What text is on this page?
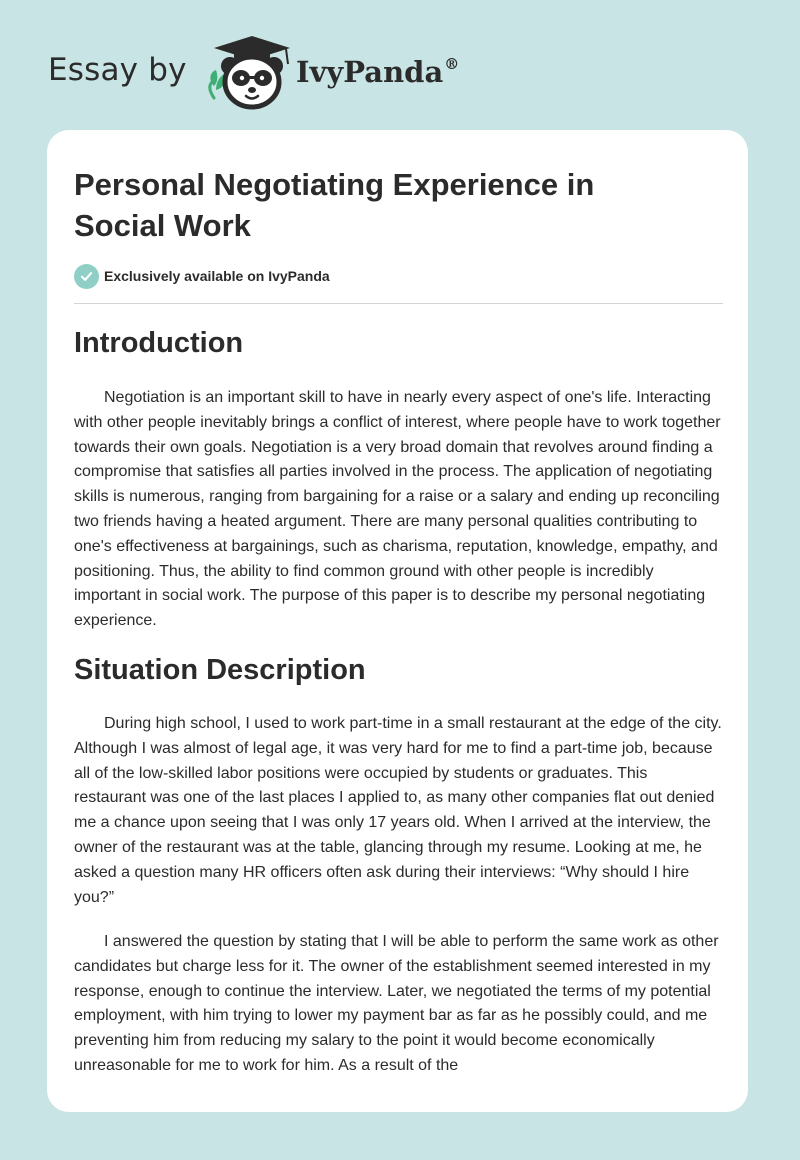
Essay by	IvyPanda®
Personal Negotiating Experience in Social Work
Exclusively available on IvyPanda
Introduction

Negotiation is an important skill to have in nearly every aspect of one's life. Interacting with other people inevitably brings a conflict of interest, where people have to work together towards their own goals. Negotiation is a very broad domain that revolves around finding a compromise that satisfies all parties involved in the process. The application of negotiating skills is numerous, ranging from bargaining for a raise or a salary and ending up reconciling two friends having a heated argument. There are many personal qualities contributing to one's effectiveness at bargainings, such as charisma, reputation, knowledge, empathy, and positioning. Thus, the ability to find common ground with other people is incredibly important in social work. The purpose of this paper is to describe my personal negotiating experience.

Situation Description

During high school, I used to work part-time in a small restaurant at the edge of the city. Although I was almost of legal age, it was very hard for me to find a part-time job, because all of the low-skilled labor positions were occupied by students or graduates. This restaurant was one of the last places I applied to, as many other companies flat out denied me a chance upon seeing that I was only 17 years old. When I arrived at the interview, the owner of the restaurant was at the table, glancing through my resume. Looking at me, he asked a question many HR officers often ask during their interviews: “Why should I hire you?”

I answered the question by stating that I will be able to perform the same work as other candidates but charge less for it. The owner of the establishment seemed interested in my response, enough to continue the interview. Later, we negotiated the terms of my potential employment, with him trying to lower my payment bar as far as he possibly could, and me preventing him from reducing my salary to the point it would become economically unreasonable for me to work for him. As a result of the
